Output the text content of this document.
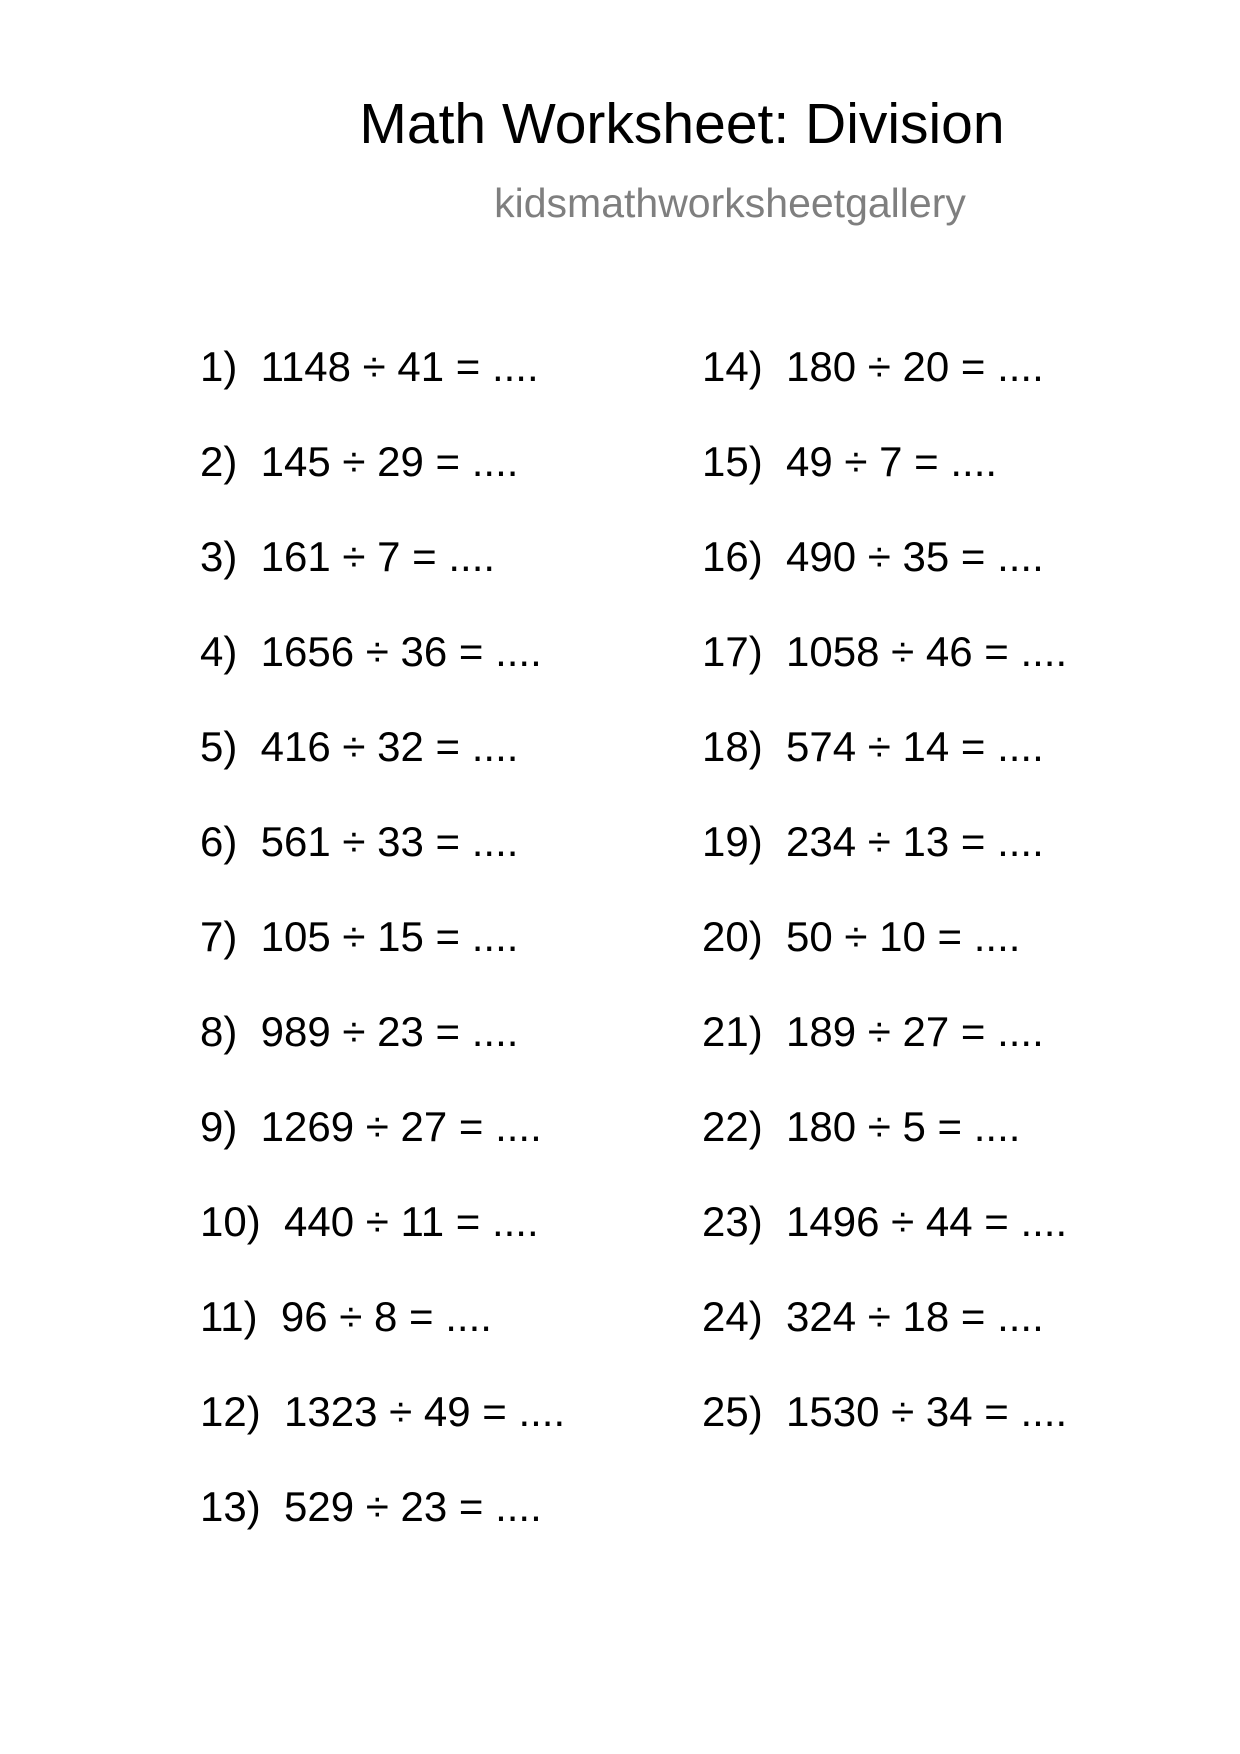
Math Worksheet: Division
kidsmathworksheetgallery
1)  1148 ÷ 41 = ....
2)  145 ÷ 29 = ....
3)  161 ÷ 7 = ....
4)  1656 ÷ 36 = ....
5)  416 ÷ 32 = ....
6)  561 ÷ 33 = ....
7)  105 ÷ 15 = ....
8)  989 ÷ 23 = ....
9)  1269 ÷ 27 = ....
10)  440 ÷ 11 = ....
11)  96 ÷ 8 = ....
12)  1323 ÷ 49 = ....
13)  529 ÷ 23 = ....
14)  180 ÷ 20 = ....
15)  49 ÷ 7 = ....
16)  490 ÷ 35 = ....
17)  1058 ÷ 46 = ....
18)  574 ÷ 14 = ....
19)  234 ÷ 13 = ....
20)  50 ÷ 10 = ....
21)  189 ÷ 27 = ....
22)  180 ÷ 5 = ....
23)  1496 ÷ 44 = ....
24)  324 ÷ 18 = ....
25)  1530 ÷ 34 = ....
